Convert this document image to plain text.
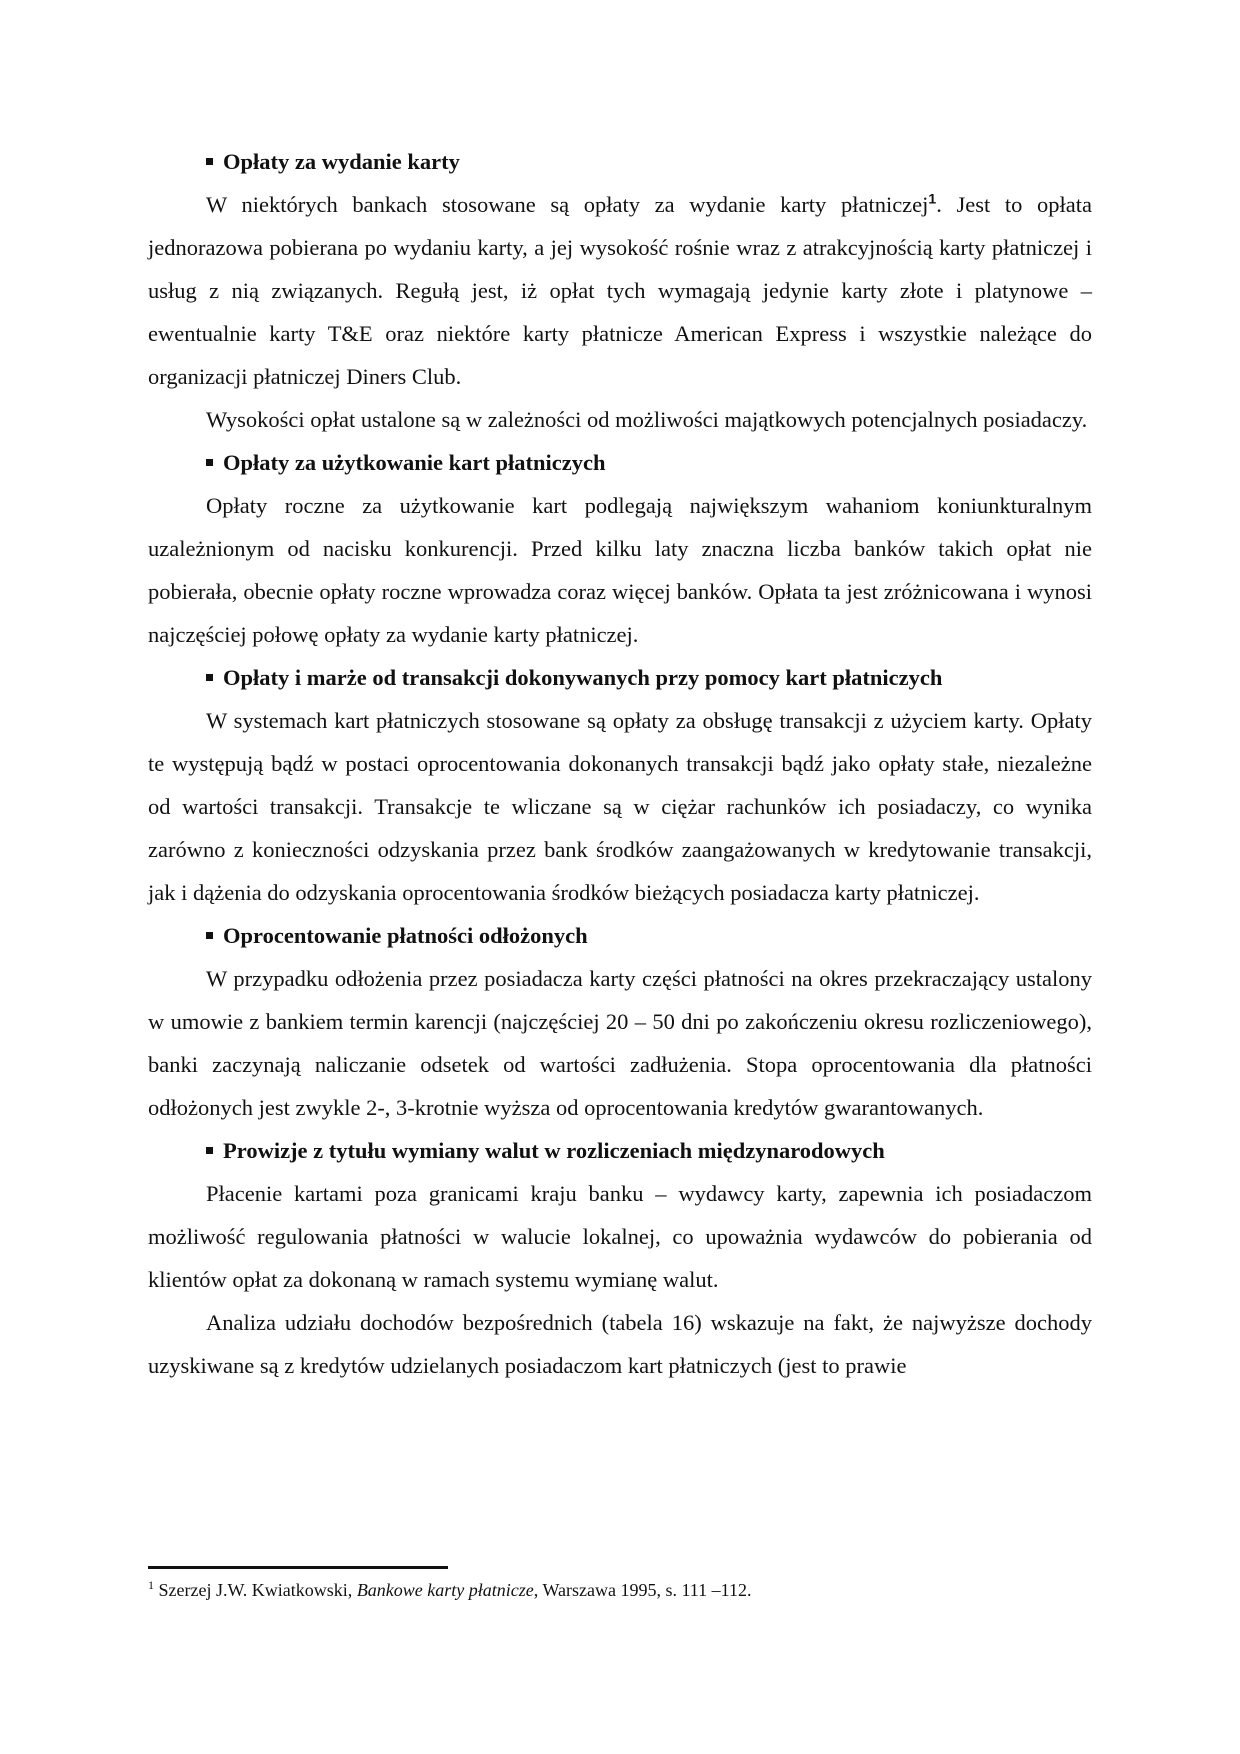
Opłaty za wydanie karty

W niektórych bankach stosowane są opłaty za wydanie karty płatniczej$^1$. Jest to opłata jednorazowa pobierana po wydaniu karty, a jej wysokość rośnie wraz z atrakcyjnością karty płatniczej i usług z nią związanych. Regułą jest, iż opłat tych wymagają jedynie karty złote i platynowe – ewentualnie karty T&E oraz niektóre karty płatnicze American Express i wszystkie należące do organizacji płatniczej Diners Club.

Wysokości opłat ustalone są w zależności od możliwości majątkowych potencjalnych posiadaczy.

Opłaty za użytkowanie kart płatniczych

Opłaty roczne za użytkowanie kart podlegają największym wahaniom koniunkturalnym uzależnionym od nacisku konkurencji. Przed kilku laty znaczna liczba banków takich opłat nie pobierała, obecnie opłaty roczne wprowadza coraz więcej banków. Opłata ta jest zróżnicowana i wynosi najczęściej połowę opłaty za wydanie karty płatniczej.

Opłaty i marże od transakcji dokonywanych przy pomocy kart płatniczych

W systemach kart płatniczych stosowane są opłaty za obsługę transakcji z użyciem karty. Opłaty te występują bądź w postaci oprocentowania dokonanych transakcji bądź jako opłaty stałe, niezależne od wartości transakcji. Transakcje te wliczane są w ciężar rachunków ich posiadaczy, co wynika zarówno z konieczności odzyskania przez bank środków zaangażowanych w kredytowanie transakcji, jak i dążenia do odzyskania oprocentowania środków bieżących posiadacza karty płatniczej.

Oprocentowanie płatności odłożonych

W przypadku odłożenia przez posiadacza karty części płatności na okres przekraczający ustalony w umowie z bankiem termin karencji (najczęściej 20 – 50 dni po zakończeniu okresu rozliczeniowego), banki zaczynają naliczanie odsetek od wartości zadłużenia. Stopa oprocentowania dla płatności odłożonych jest zwykle 2-, 3-krotnie wyższa od oprocentowania kredytów gwarantowanych.

Prowizje z tytułu wymiany walut w rozliczeniach międzynarodowych

Płacenie kartami poza granicami kraju banku – wydawcy karty, zapewnia ich posiadaczom możliwość regulowania płatności w walucie lokalnej, co upoważnia wydawców do pobierania od klientów opłat za dokonaną w ramach systemu wymianę walut.

Analiza udziału dochodów bezpośrednich (tabela 16) wskazuje na fakt, że najwyższe dochody uzyskiwane są z kredytów udzielanych posiadaczom kart płatniczych (jest to prawie

$^1$ Szerzej J.W. Kwiatkowski, Bankowe karty płatnicze, Warszawa 1995, s. 111 –112.
